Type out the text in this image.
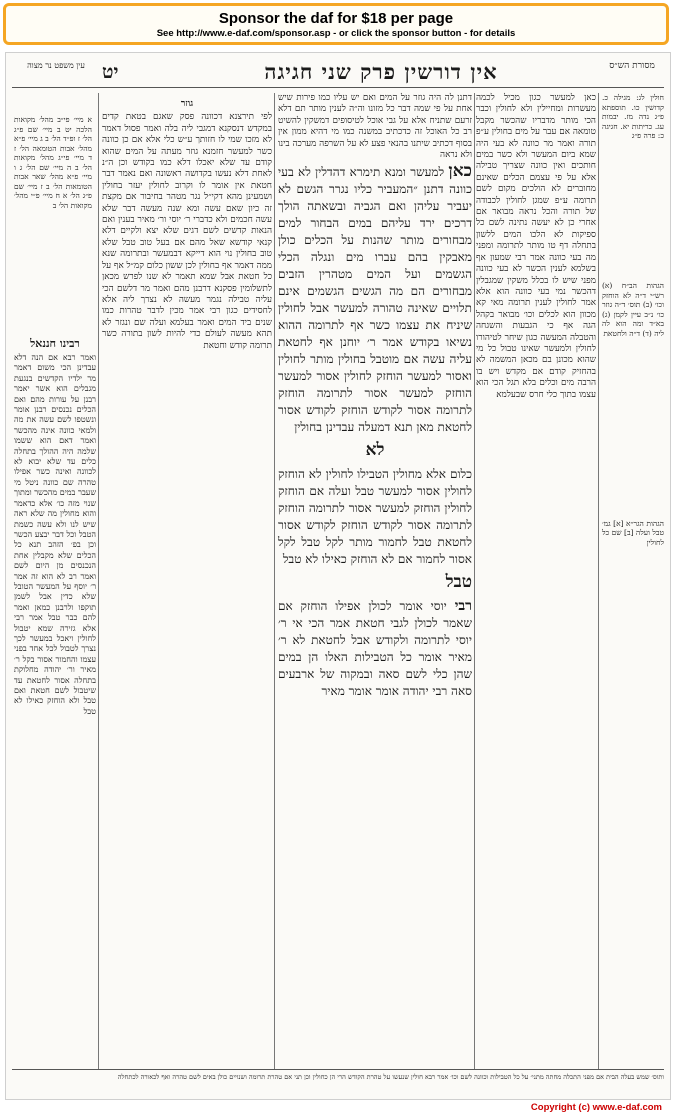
Sponsor the daf for $18 per page
See http://www.e-daf.com/sponsor.asp - or click the sponsor button - for details
יט	אין דורשין פרק שני חגיגה
עין משפט נר מצוה	מסורת הש״ס
א מיי׳ פי״ב מהל׳ מקואות הלכה יט ב מיי׳ שם פ״ג הל׳ ז ופ״ד הל׳ ב ג מיי׳ פ״א מהל׳ אבות הטומאה הל׳ ז ד מיי׳ פי״ג מהל׳ מקואות הל׳ ב ה מיי׳ שם הל׳ ג ו מיי׳ פ״א מהל׳ שאר אבות הטומאות הל׳ ב ז מיי׳ שם פ״ג הל׳ א ח מיי׳ פ״י מהל׳ מקואות הל׳ ב
רבינו חננאל
ואמר רבא אם הנה דלא עבדינן הכי משום דאמר מר ילדיו הקדשים בנגעת מגבלים הוא אשר יאמר רבנן על עורות מהם ואם הכלים נכנסים רבנן אומר ונשטפו לשם עשה את מה ולמאי כוונה אינה מהכשר ואמר דאם הוא ששמו שלמה היה ההולך בתחלה כלים עד שלא יבוא לא לכוונה ואינה כשר אפילו טהרה שם כוונה ניטל מי שעבר במים מהכשר ומתוך שנוי מזה כו׳ אלא כדאמר והוא מחולין מה שלא ראה שיש לנו ולא עשה כשמת הטבל וכל דבר יבצע הכשר וכן בפ׳ הזהב תנא כל הכלים שלא מקבלין אחת הנכנסים מן היום לשם ואמר רב לא הוא זה אמר ר׳ יוסף על המעשר הטובל שלא כדין אבל לשמן תוקפו ולרבנן כמאן ואמר להם כבר טבל אמר רבי אלא גזירה שמא יטבול לחולין ויאכל במעשר לכך נצרך לטבול לכל אחד בפני עצמו והחמור אסור בקל ר׳ מאיר ור׳ יהודה מחלוקת בתחלה אסור לחטאת עד שיטבול לשם חטאת ואם טבל ולא הוחזק כאילו לא טבל
גוזר
לפי תירצנא דכוונה פסק שאגם בטאת קדים במקדש דנסקנא דמגבי ליה בלה ואמר פסול דאמר לא מזכו שמי לו חזותך ע״ש כלי אלא אם כן כוונה כשר למעשר חזמנא גוזר מעתה על המים שהוא קודם עד שלא יאכלו דלא כמו בקודש וכן ה״נ לאחת דלא נעשו בקדושה ראשונה ואם נאמר דבר חטאת אין אומר לו וקרוב לחולין יעזר בחולין ושמעינן מהא דקי״ל נגר מטהר בחיבור אם מקצת זה כיון שאם עשה ומא שנה מעשה דבר שלא עשה חכמים ולא כדברי ר׳ יוסי ור׳ מאיר בענין ואם הנאות קדשים לשם דגים שלא יצא ולקיים דלא קנאי קודשא שאל מהם אם בעל טוב טבל שלא טוב בחולין נוי הוא דייקא דבמעשר ובתרומה שנא ממה דאמר אף בחולין לכן ששון כלום קמ״ל אף על כל חטאת אבל שמא תאמר לא שנו לפרש מכאן לתשלומין פסקנא דרבנן מהם ואמר מר דלשם הכי עליה טבילה נגמר מעשה לא נצרך ליה אלא לחסידים כגון רבי אמר מכין לדבר טהרות כמו שנים ביד המים ואמר בעלמא ועלה שם ונגזר לא תהא מעשה לעולם כדי להיות לשון בתורה כשר תרומה קודש וחטאת
דתנן לה היה גוזר על המים ואם יש עליו כמו פירות שיש אחת על פי שמה דבר כל מזונו וה״ה לענין מותר תם דלא זרעם שתניח אלא על גבי אוכל לטיסופים דמשקין להשיט רב כל האוכל זה כדכתיב במשנה כמו מי דהיא ממון אין בסוף דכתיב שיתנו בהנאי פצע לא על השרפה מערכה בינו ולא נראה
כאן למעשר ומנא תימרא דהדלין לא בעי כוונה דתנן ״המעביר כליו נגרר הגשם לא יעביר עליהן ואם הגביה ובשאתה הולך דרכים ירד עליהם במים הבחור למים מבחורים מותר שהנות על הכלים כולן מאבקין בהם עברו מים ונגלה הכלי הגשמים ועל המים מטהרין הזבים מבחורים הם מה הגשים הגשמים אינם תלויים שאינה טהורה למעשר אבל לחולין שיניח את עצמו כשר אף לתרומה ההוא נשיאו בקודש אמר ר׳ יוחנן אף לחטאת עליה עשה אם מוטבל בחולין מותר לחולין ואסור למעשר הוחזק לחולין אסור למעשר הוחזק למעשר אסור לתרומה הוחזק לתרומה אסור לקודש הוחזק לקודש אסור לחטאת מאן תנא דמעלה עבדינן בחולין
לא
כלום אלא מחולין הטבילו לחולין לא הוחזק לחולין אסור למעשר טבל ועלה אם הוחזק לחולין הוחזק למעשר אסור לתרומה הוחזק לתרומה אסור לקודש הוחזק לקודש אסור לחטאת טבל לחמור מותר לקל טבל לקל אסור לחמור אם לא הוחזק כאילו לא טבל
טבל
רבי יוסי אומר לכולן אפילו הוחזק אם שאמר לכולן לגבי חטאת אמר הכי אי ר׳ יוסי לתרומה ולקודש אבל לחטאת לא ר׳ מאיר אומר כל הטבילות האלו הן במים שהן כלי לשם סאה ובמקוה של ארבעים סאה רבי יהודה אומר אומר מאיר
כאן למעשר כגון מכיל לכמה מעשרות ומחיילין ולא לחולין וכבר הכי מותר מדבריו שהכשר מקבל טומאה אם עבר על מים בחולין ע״פ תורה ואמר מר כוונה לא בעי היה שמא ביום המעשר ולא כשר במים חותכים ואין כוונה שצריך טבילה אלא על פי עצמם הכלים שאינם מחוברים לא הולכים מקום לשם תרומה ע״פ שמגן לחולין לכבודה של תורה והכל נראה מבואר אם אחרי כן לא יעשה נתינה לשם כל ספיקות לא הלכו המים ללשון בתחלה דף טו מותר לתרומה ומפני מה בעי כוונה אמר רבי שמעון אף בשלמא לענין הכשר לא בעי כוונה מפני שיש לו בכלל משקין שמגבלין דהכשר נמי בעי כוונה הוא אלא אמר לחולין לענין תרומה מאי קא מכוון הוא לכלים וכו׳ מבואר בקהל הגה אף כי הגבעות והשגחה והטבלה המעשה כגון שיחר לטיהורו לחולין ולמעשר שאינו טבול כל מי שהוא מכונן בם מכאן המשמה לא בהחזיק קודם אם מקדש ויש בו הרבה מים וכלים בלא תגל הכי הוא עצמו בתוך כלי חרס שבעלמא
חולין לג: מגילה כ. קדושין כו. תוספתא פ״ג נדה מז. יבמות עג. כריתות יא. חגיגה כ: פרה פ״ג
הגהות הב״ח (א) רש״י ד״ה לא הוחזק וכו׳ (ב) תוס׳ ד״ה גוזר כו׳ נ״ב עיין לקמן (ג) בא״ד ומה הוא לה ליה (ד) ד״ה ולחטאת
הגהות הגר״א [א] גמ׳ טבל ועלה [ב] שם כל לחולין
ותוס׳ שמש בעלה הבית אם מפני התכלה מחתה מתני׳ על כל הטבילות וכוונה לשם וכו׳ אמר רבא חולין שנעשו על טהרת הקודש הרי הן כחולין וכן תני אם טהרת תרומה ושנויים כולן באים לשם טהרה ואף לכאורה לכתחלה
Copyright (c) www.e-daf.com
